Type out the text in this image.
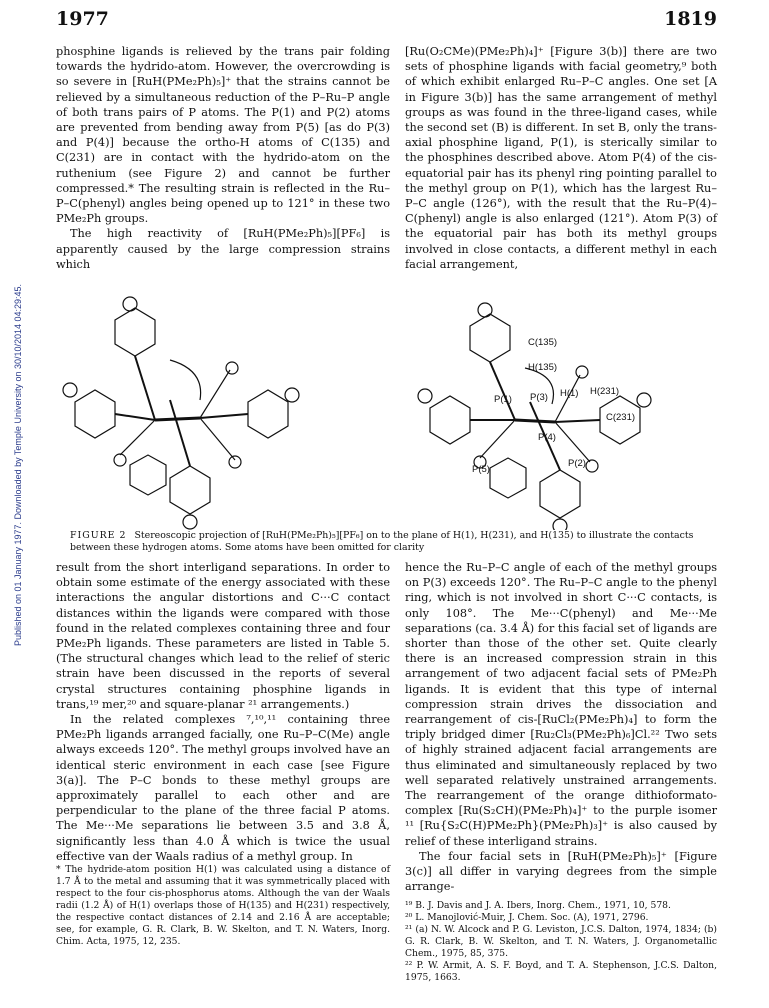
1977	1819
Published on 01 January 1977. Downloaded by Temple University on 30/10/2014 04:29:45.

phosphine ligands is relieved by the trans pair folding towards the hydrido-atom. However, the overcrowding is so severe in [RuH(PMe₂Ph)₅]⁺ that the strains cannot be relieved by a simultaneous reduction of the P–Ru–P angle of both trans pairs of P atoms. The P(1) and P(2) atoms are prevented from bending away from P(5) [as do P(3) and P(4)] because the ortho-H atoms of C(135) and C(231) are in contact with the hydrido-atom on the ruthenium (see Figure 2) and cannot be further compressed.* The resulting strain is reflected in the Ru–P–C(phenyl) angles being opened up to 121° in these two PMe₂Ph groups.

The high reactivity of [RuH(PMe₂Ph)₅][PF₆] is apparently caused by the large compression strains which

[Ru(O₂CMe)(PMe₂Ph)₄]⁺ [Figure 3(b)] there are two sets of phosphine ligands with facial geometry,⁹ both of which exhibit enlarged Ru–P–C angles. One set [A in Figure 3(b)] has the same arrangement of methyl groups as was found in the three-ligand cases, while the second set (B) is different. In set B, only the trans-axial phosphine ligand, P(1), is sterically similar to the phosphines described above. Atom P(4) of the cis-equatorial pair has its phenyl ring pointing parallel to the methyl group on P(1), which has the largest Ru–P–C angle (126°), with the result that the Ru–P(4)–C(phenyl) angle is also enlarged (121°). Atom P(3) of the equatorial pair has both its methyl groups involved in close contacts, a different methyl in each facial arrangement,

C(135)
H(135)
P(1) P(3) H(1) H(231)
C(231)
P(4)
P(5)
P(2)
FIGURE 2 Stereoscopic projection of [RuH(PMe₂Ph)₅][PF₆] on to the plane of H(1), H(231), and H(135) to illustrate the contacts between these hydrogen atoms. Some atoms have been omitted for clarity

result from the short interligand separations. In order to obtain some estimate of the energy associated with these interactions the angular distortions and C···C contact distances within the ligands were compared with those found in the related complexes containing three and four PMe₂Ph ligands. These parameters are listed in Table 5. (The structural changes which lead to the relief of steric strain have been discussed in the reports of several crystal structures containing phosphine ligands in trans,¹⁹ mer,²⁰ and square-planar ²¹ arrangements.)

In the related complexes ⁷,¹⁰,¹¹ containing three PMe₂Ph ligands arranged facially, one Ru–P–C(Me) angle always exceeds 120°. The methyl groups involved have an identical steric environment in each case [see Figure 3(a)]. The P–C bonds to these methyl groups are approximately parallel to each other and are perpendicular to the plane of the three facial P atoms. The Me···Me separations lie between 3.5 and 3.8 Å, significantly less than 4.0 Å which is twice the usual effective van der Waals radius of a methyl group. In

* The hydride-atom position H(1) was calculated using a distance of 1.7 Å to the metal and assuming that it was symmetrically placed with respect to the four cis-phosphorus atoms. Although the van der Waals radii (1.2 Å) of H(1) overlaps those of H(135) and H(231) respectively, the respective contact distances of 2.14 and 2.16 Å are acceptable; see, for example, G. R. Clark, B. W. Skelton, and T. N. Waters, Inorg. Chim. Acta, 1975, 12, 235.

hence the Ru–P–C angle of each of the methyl groups on P(3) exceeds 120°. The Ru–P–C angle to the phenyl ring, which is not involved in short C···C contacts, is only 108°. The Me···C(phenyl) and Me···Me separations (ca. 3.4 Å) for this facial set of ligands are shorter than those of the other set. Quite clearly there is an increased compression strain in this arrangement of two adjacent facial sets of PMe₂Ph ligands. It is evident that this type of internal compression strain drives the dissociation and rearrangement of cis-[RuCl₂(PMe₂Ph)₄] to form the triply bridged dimer [Ru₂Cl₃(PMe₂Ph)₆]Cl.²² Two sets of highly strained adjacent facial arrangements are thus eliminated and simultaneously replaced by two well separated relatively unstrained arrangements. The rearrangement of the orange dithioformato-complex [Ru(S₂CH)(PMe₂Ph)₄]⁺ to the purple isomer ¹¹ [Ru{S₂C(H)PMe₂Ph}(PMe₂Ph)₃]⁺ is also caused by relief of these interligand strains.

The four facial sets in [RuH(PMe₂Ph)₅]⁺ [Figure 3(c)] all differ in varying degrees from the simple arrange-

¹⁹ B. J. Davis and J. A. Ibers, Inorg. Chem., 1971, 10, 578.

²⁰ L. Manojlović-Muir, J. Chem. Soc. (A), 1971, 2796.

²¹ (a) N. W. Alcock and P. G. Leviston, J.C.S. Dalton, 1974, 1834; (b) G. R. Clark, B. W. Skelton, and T. N. Waters, J. Organometallic Chem., 1975, 85, 375.

²² P. W. Armit, A. S. F. Boyd, and T. A. Stephenson, J.C.S. Dalton, 1975, 1663.
